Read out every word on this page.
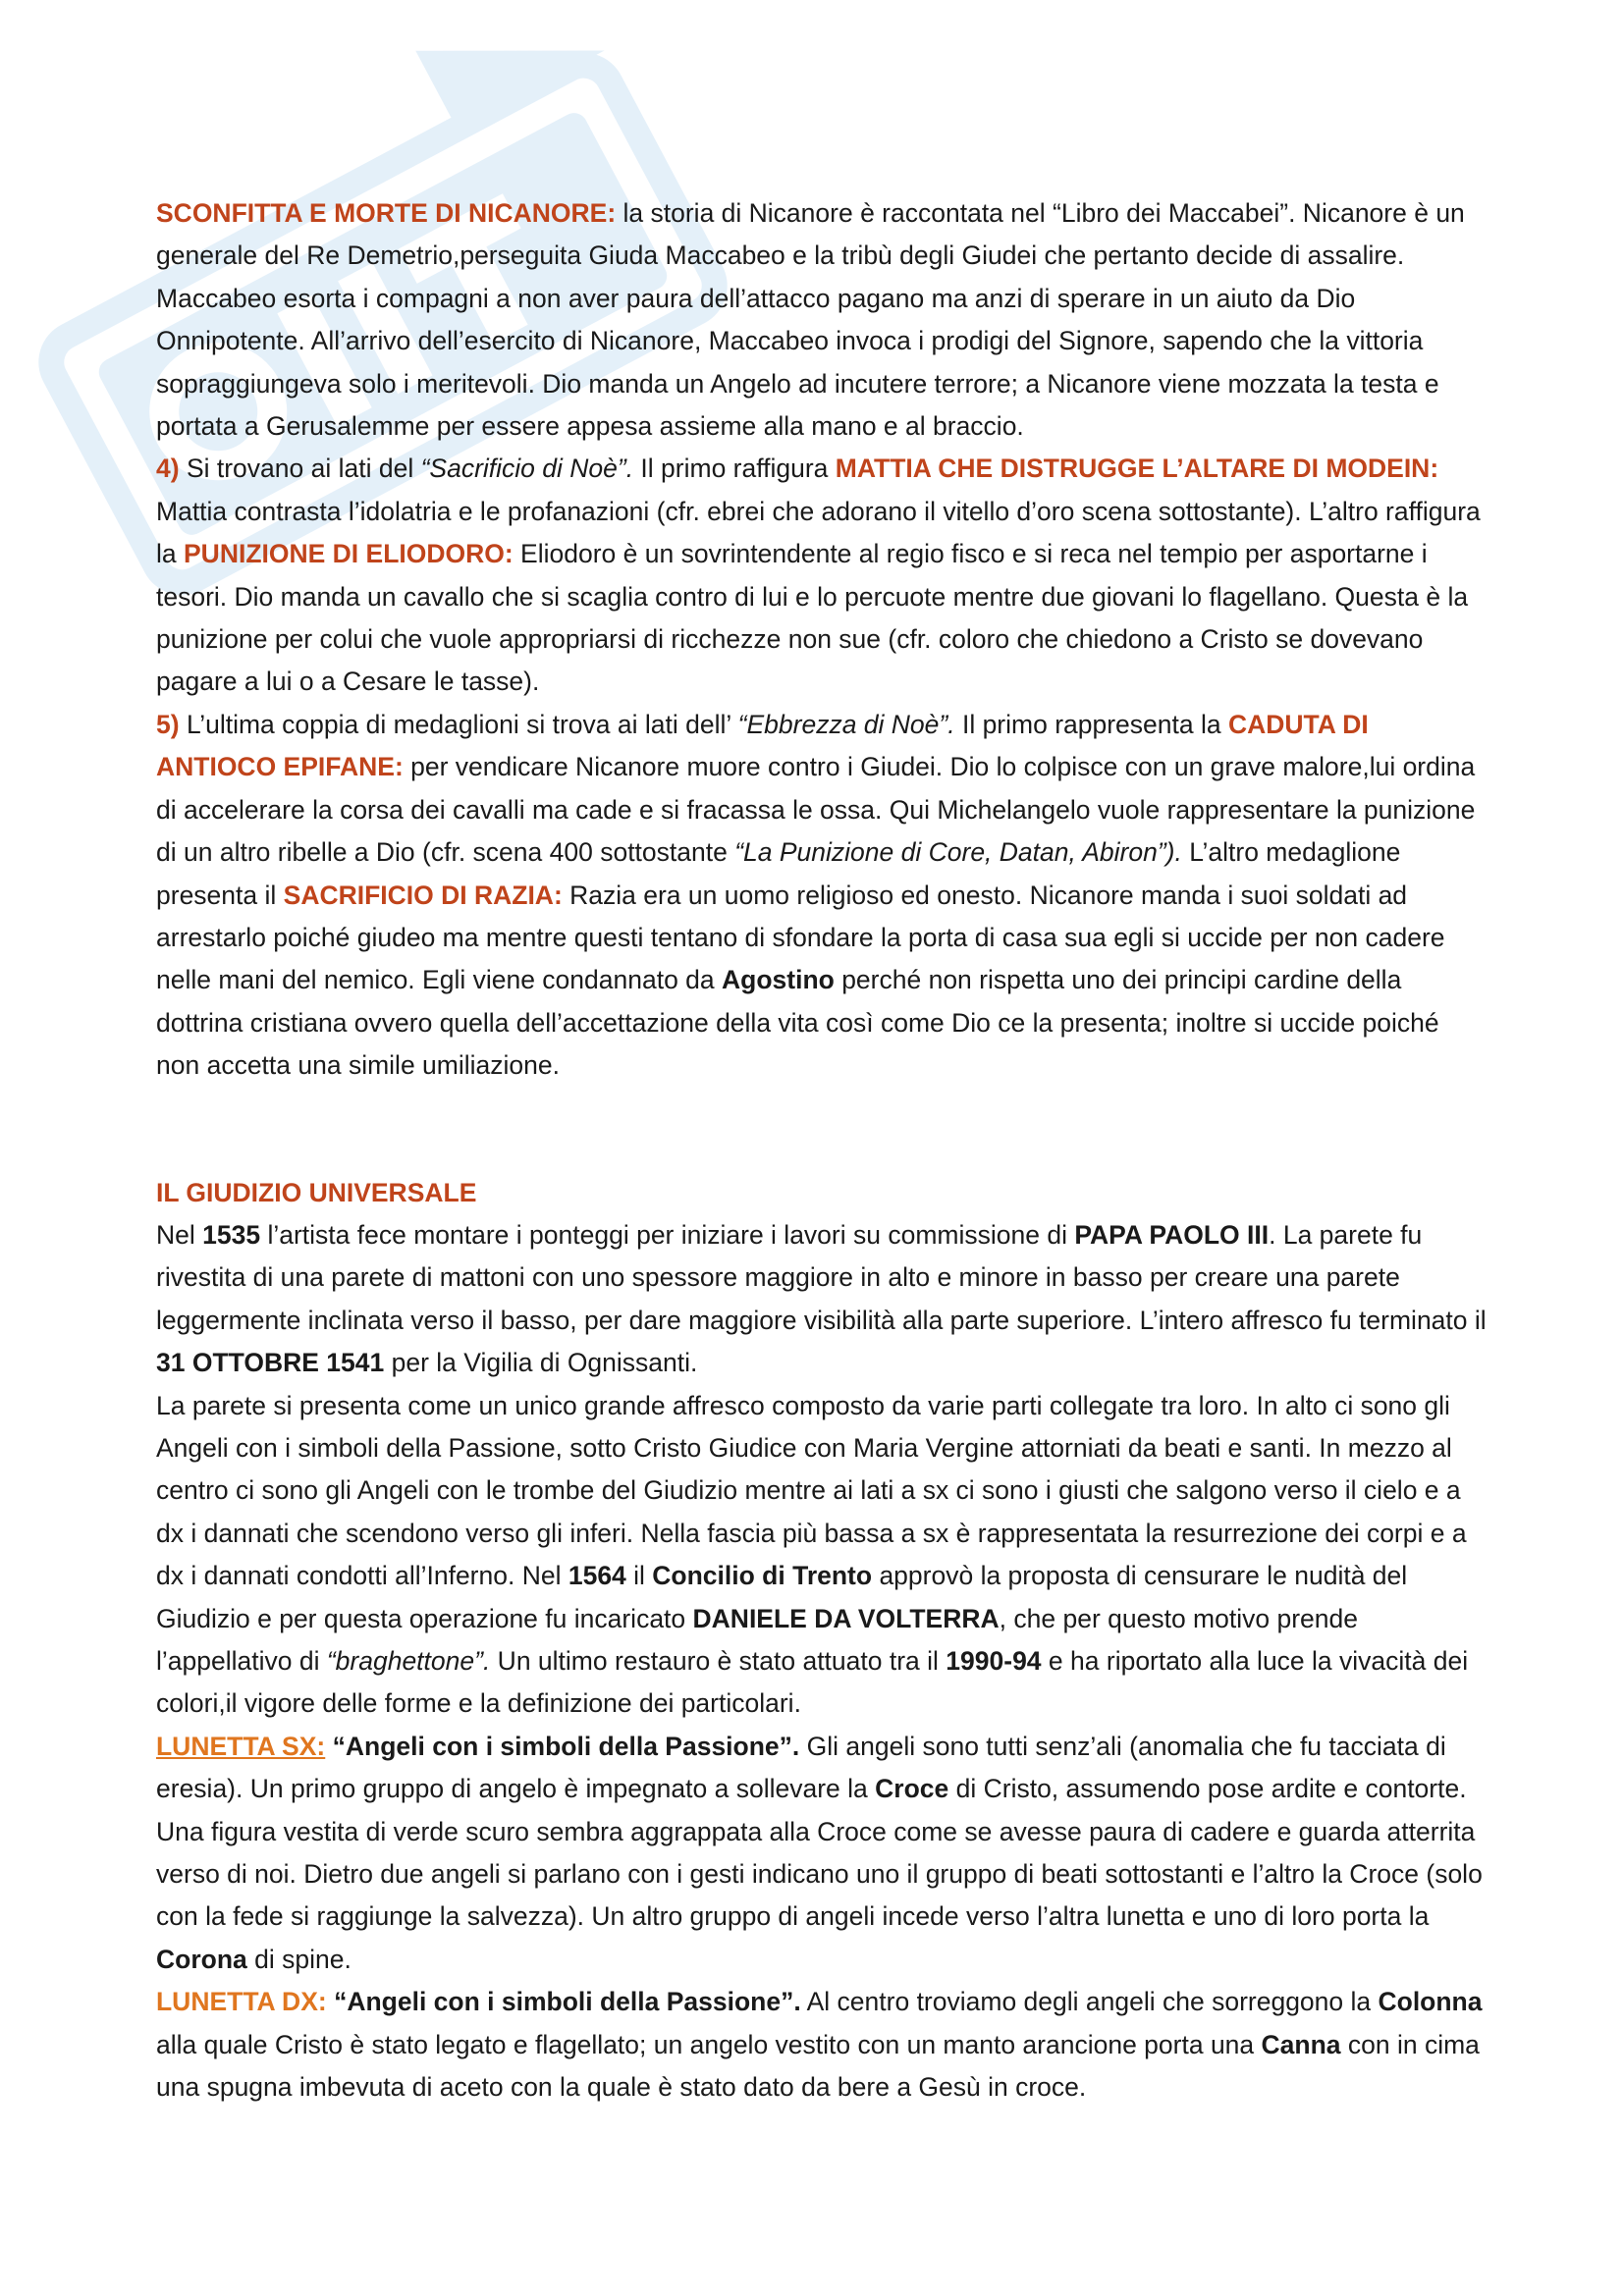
SCONFITTA E MORTE DI NICANORE: la storia di Nicanore è raccontata nel “Libro dei Maccabei”. Nicanore è un generale del Re Demetrio,perseguita Giuda Maccabeo e la tribù degli Giudei che pertanto decide di assalire. Maccabeo esorta i compagni a non aver paura dell’attacco pagano ma anzi di sperare in un aiuto da Dio Onnipotente. All’arrivo dell’esercito di Nicanore, Maccabeo invoca i prodigi del Signore, sapendo che la vittoria sopraggiungeva solo i meritevoli. Dio manda un Angelo ad incutere terrore; a Nicanore viene mozzata la testa e portata a Gerusalemme per essere appesa assieme alla mano e al braccio.

4) Si trovano ai lati del “Sacrificio di Noè”. Il primo raffigura MATTIA CHE DISTRUGGE L’ALTARE DI MODEIN: Mattia contrasta l’idolatria e le profanazioni (cfr. ebrei che adorano il vitello d’oro scena sottostante). L’altro raffigura la PUNIZIONE DI ELIODORO: Eliodoro è un sovrintendente al regio fisco e si reca nel tempio per asportarne i tesori. Dio manda un cavallo che si scaglia contro di lui e lo percuote mentre due giovani lo flagellano. Questa è la punizione per colui che vuole appropriarsi di ricchezze non sue (cfr. coloro che chiedono a Cristo se dovevano pagare a lui o a Cesare le tasse).

5) L’ultima coppia di medaglioni si trova ai lati dell’ “Ebbrezza di Noè”. Il primo rappresenta la CADUTA DI ANTIOCO EPIFANE: per vendicare Nicanore muore contro i Giudei. Dio lo colpisce con un grave malore,lui ordina di accelerare la corsa dei cavalli ma cade e si fracassa le ossa. Qui Michelangelo vuole rappresentare la punizione di un altro ribelle a Dio (cfr. scena 400 sottostante “La Punizione di Core, Datan, Abiron”). L’altro medaglione presenta il SACRIFICIO DI RAZIA: Razia era un uomo religioso ed onesto. Nicanore manda i suoi soldati ad arrestarlo poiché giudeo ma mentre questi tentano di sfondare la porta di casa sua egli si uccide per non cadere nelle mani del nemico. Egli viene condannato da Agostino perché non rispetta uno dei principi cardine della dottrina cristiana ovvero quella dell’accettazione della vita così come Dio ce la presenta; inoltre si uccide poiché non accetta una simile umiliazione.

IL GIUDIZIO UNIVERSALE

Nel 1535 l’artista fece montare i ponteggi per iniziare i lavori su commissione di PAPA PAOLO III. La parete fu rivestita di una parete di mattoni con uno spessore maggiore in alto e minore in basso per creare una parete leggermente inclinata verso il basso, per dare maggiore visibilità alla parte superiore. L’intero affresco fu terminato il 31 OTTOBRE 1541 per la Vigilia di Ognissanti.

La parete si presenta come un unico grande affresco composto da varie parti collegate tra loro. In alto ci sono gli Angeli con i simboli della Passione, sotto Cristo Giudice con Maria Vergine attorniati da beati e santi. In mezzo al centro ci sono gli Angeli con le trombe del Giudizio mentre ai lati a sx ci sono i giusti che salgono verso il cielo e a dx i dannati che scendono verso gli inferi. Nella fascia più bassa a sx è rappresentata la resurrezione dei corpi e a dx i dannati condotti all’Inferno. Nel 1564 il Concilio di Trento approvò la proposta di censurare le nudità del Giudizio e per questa operazione fu incaricato DANIELE DA VOLTERRA, che per questo motivo prende l’appellativo di “braghettone”. Un ultimo restauro è stato attuato tra il 1990-94 e ha riportato alla luce la vivacità dei colori,il vigore delle forme e la definizione dei particolari.

LUNETTA SX: “Angeli con i simboli della Passione”. Gli angeli sono tutti senz’ali (anomalia che fu tacciata di eresia). Un primo gruppo di angelo è impegnato a sollevare la Croce di Cristo, assumendo pose ardite e contorte. Una figura vestita di verde scuro sembra aggrappata alla Croce come se avesse paura di cadere e guarda atterrita verso di noi. Dietro due angeli si parlano con i gesti indicano uno il gruppo di beati sottostanti e l’altro la Croce (solo con la fede si raggiunge la salvezza). Un altro gruppo di angeli incede verso l’altra lunetta e uno di loro porta la Corona di spine.

LUNETTA DX: “Angeli con i simboli della Passione”. Al centro troviamo degli angeli che sorreggono la Colonna alla quale Cristo è stato legato e flagellato; un angelo vestito con un manto arancione porta una Canna con in cima una spugna imbevuta di aceto con la quale è stato dato da bere a Gesù in croce.
